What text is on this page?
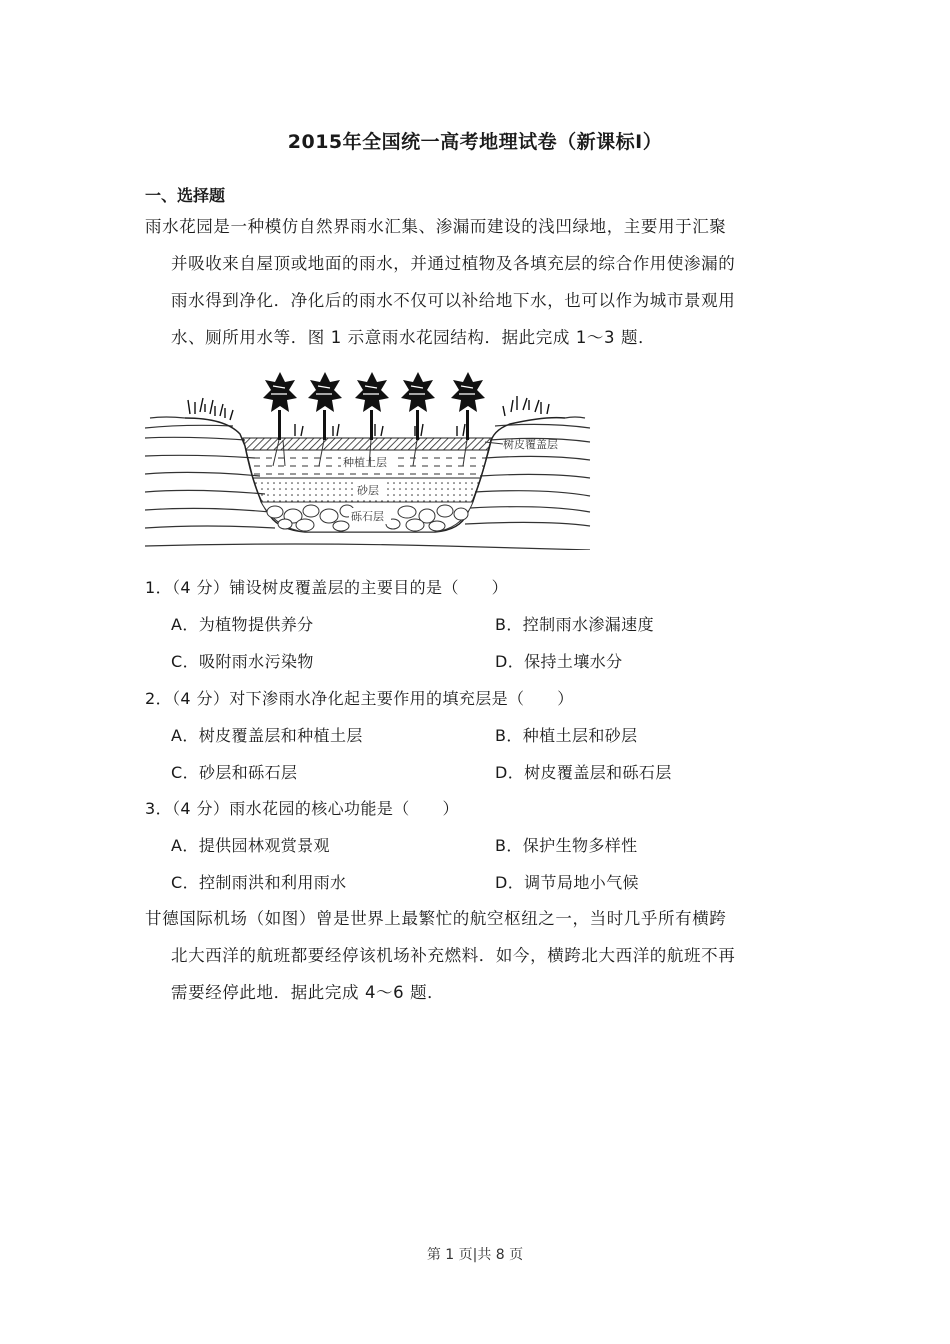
2015年全国统一高考地理试卷（新课标Ⅰ）
一、选择题
雨水花园是一种模仿自然界雨水汇集、渗漏而建设的浅凹绿地，主要用于汇聚
并吸收来自屋顶或地面的雨水，并通过植物及各填充层的综合作用使渗漏的
雨水得到净化．净化后的雨水不仅可以补给地下水，也可以作为城市景观用
水、厕所用水等．图 1 示意雨水花园结构．据此完成 1～3 题．
种植土层
砂层
砾石层
树皮覆盖层
1．（4 分）铺设树皮覆盖层的主要目的是（　　）
A．为植物提供养分	B．控制雨水渗漏速度
C．吸附雨水污染物	D．保持土壤水分
2．（4 分）对下渗雨水净化起主要作用的填充层是（　　）
A．树皮覆盖层和种植土层	B．种植土层和砂层
C．砂层和砾石层	D．树皮覆盖层和砾石层
3．（4 分）雨水花园的核心功能是（　　）
A．提供园林观赏景观	B．保护生物多样性
C．控制雨洪和利用雨水	D．调节局地小气候
甘德国际机场（如图）曾是世界上最繁忙的航空枢纽之一，当时几乎所有横跨
北大西洋的航班都要经停该机场补充燃料．如今，横跨北大西洋的航班不再
需要经停此地．据此完成 4～6 题．
第 1 页|共 8 页
